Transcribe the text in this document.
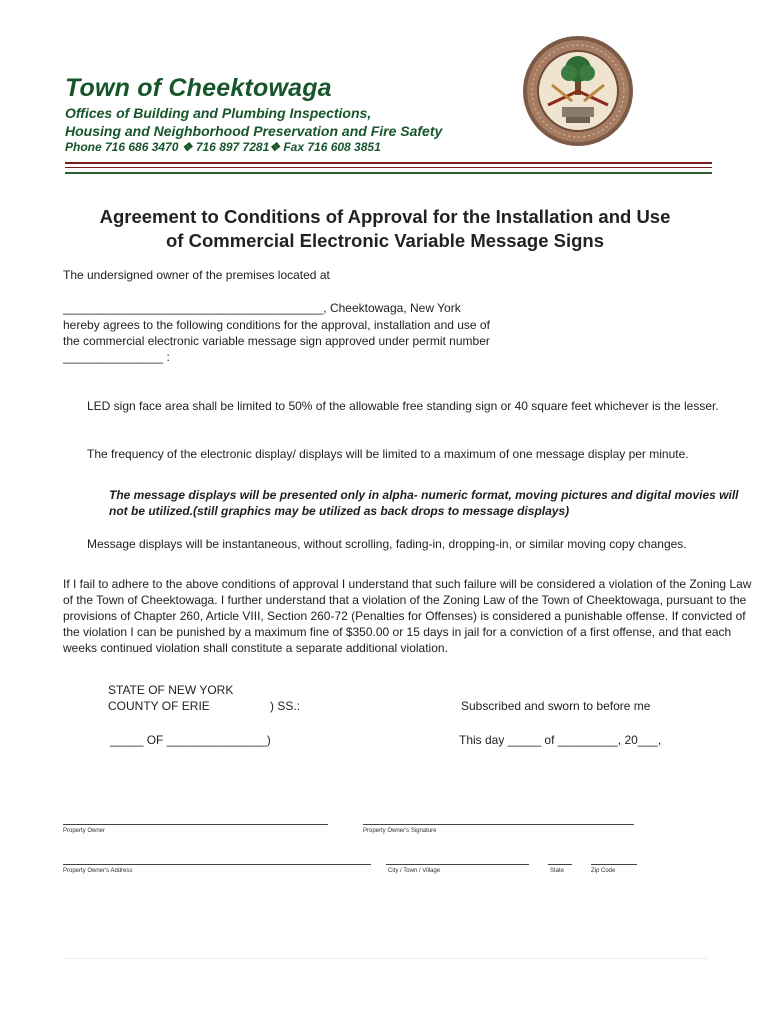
Town of Cheektowaga
Offices of Building and Plumbing Inspections,
Housing and Neighborhood Preservation and Fire Safety
Phone 716 686 3470 ❖ 716 897 7281❖ Fax 716 608 3851
Agreement to Conditions of Approval for the Installation and Use
of Commercial Electronic Variable Message Signs
The undersigned owner of the premises located at
_______________________________________, Cheektowaga, New York
hereby agrees to the following conditions for the approval, installation and use of
the commercial electronic variable message sign approved under permit number
_______________ :
LED sign face area shall be limited to 50% of the allowable free standing sign or 40 square feet whichever is the lesser.
The frequency of the electronic display/ displays will be limited to a maximum of one message display per minute.
The message displays will be presented only in alpha- numeric format, moving pictures and digital movies will
not be utilized.(still graphics may be utilized as back drops to message displays)
Message displays will be instantaneous, without scrolling, fading-in, dropping-in, or similar moving copy changes.
If I fail to adhere to the above conditions of approval I understand that such failure will be considered a violation of the Zoning Law
of the Town of Cheektowaga. I further understand that a violation of the Zoning Law of the Town of Cheektowaga, pursuant to the
provisions of Chapter 260, Article VIII, Section 260-72 (Penalties for Offenses) is considered a punishable offense. If convicted of
the violation I can be punished by a maximum fine of $350.00 or 15 days in jail for a conviction of a first offense, and that each
weeks continued violation shall constitute a separate additional violation.
STATE OF NEW YORK
COUNTY OF ERIE	) SS.:	Subscribed and sworn to before me
_____ OF _______________)	This day _____ of _________, 20___,
Property Owner	Property Owner's Signature
Property Owner's Address	City / Town / Village	State	Zip Code
